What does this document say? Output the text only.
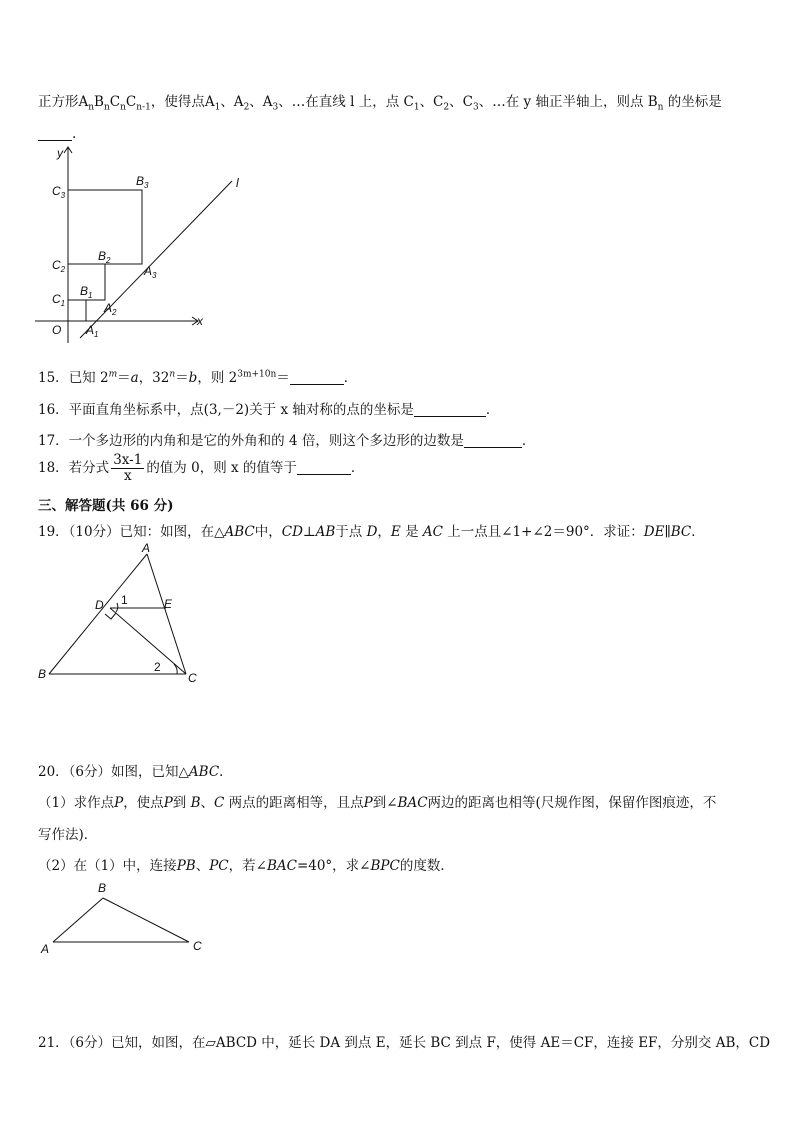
正方形$A_nB_nC_nC_{n-1}$，使得点$A_1$、$A_2$、$A_3$、…在直线 l 上，点 $C_1$、$C_2$、$C_3$、…在 y 轴正半轴上，则点 $B_n$ 的坐标是
.
y
x
l
O
$C_3$
$C_2$
$C_1$
$B_3$
$B_2$
$B_1$
$A_3$
$A_2$
$A_1$
15．已知 $2^m=a$，$32^n=b$，则 $2^{3m+10n}=$	．
16．平面直角坐标系中，点(3,－2)关于 x 轴对称的点的坐标是	．
17．一个多边形的内角和是它的外角和的 4 倍，则这个多边形的边数是	．
18．若分式 $\frac{3x-1}{x}$ 的值为 0，则 x 的值等于	．
三、解答题(共 66 分)
19．（10分）已知：如图，在△ABC中，CD⊥AB于点 D，E 是 AC 上一点且∠1+∠2＝90°．求证：DE∥BC．
A
B	C
D	E
1
2
20．（6分）如图，已知△ABC．
（1）求作点P，使点P到 B、C 两点的距离相等，且点P到∠BAC两边的距离也相等(尺规作图，保留作图痕迹，不
写作法)．
（2）在（1）中，连接PB、PC，若∠BAC=40°，求∠BPC的度数．
B
A	C
21．（6分）已知，如图，在▱ABCD 中，延长 DA 到点 E，延长 BC 到点 F，使得 AE＝CF，连接 EF，分别交 AB，CD
